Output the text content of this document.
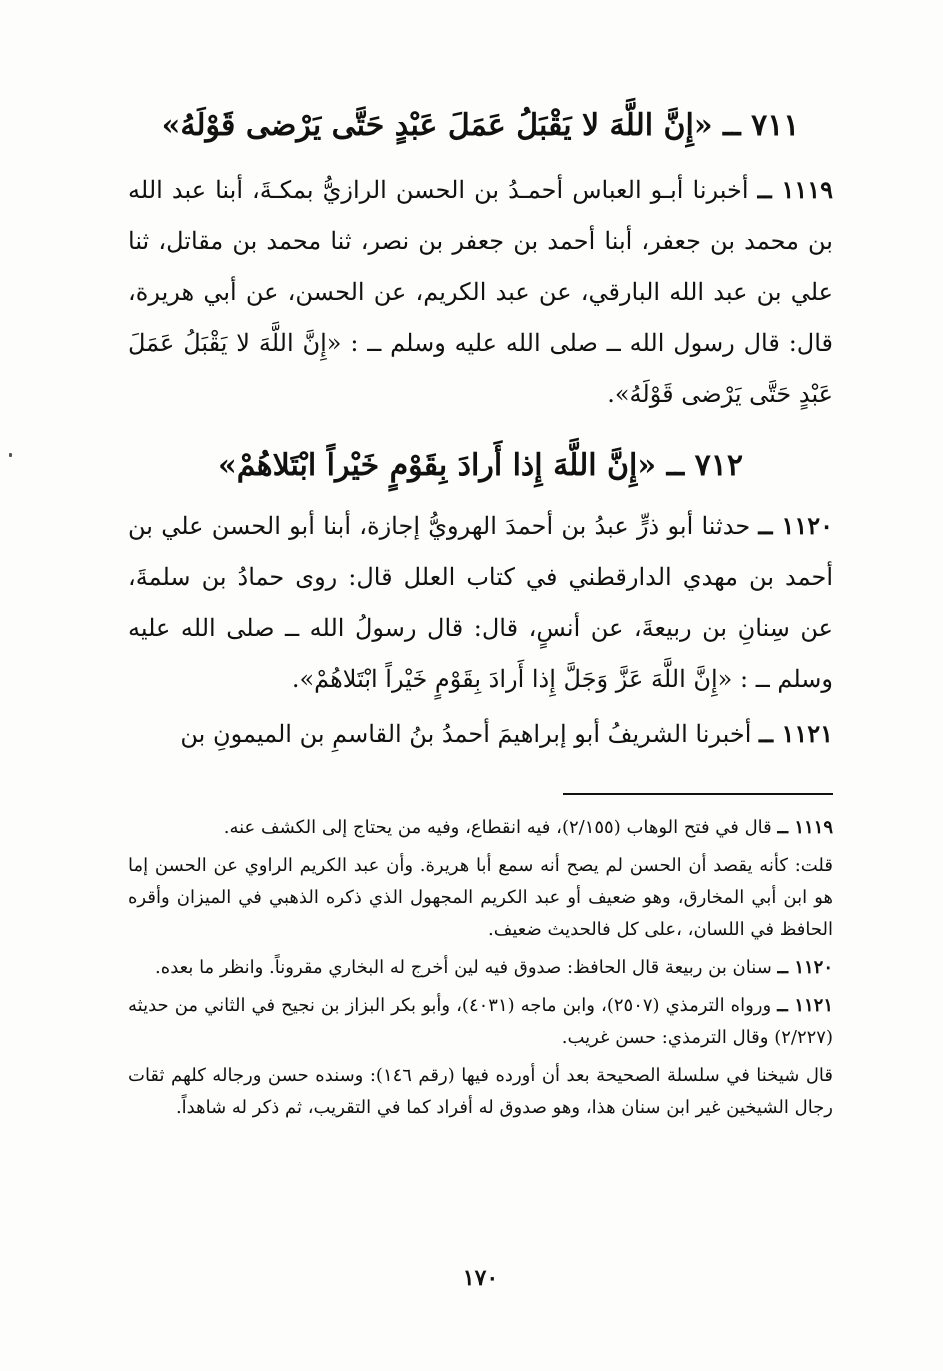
٧١١ ــ «إِنَّ اللَّهَ لا يَقْبَلُ عَمَلَ عَبْدٍ حَتَّى يَرْضى قَوْلَهُ»
١١١٩ ــ أخبرنا أبـو العباس أحمـدُ بن الحسن الرازيُّ بمكـةَ، أبنا عبد الله بن محمد بن جعفر، أبنا أحمد بن جعفر بن نصر، ثنا محمد بن مقاتل، ثنا علي بن عبد الله البارقي، عن عبد الكريم، عن الحسن، عن أبي هريرة، قال: قال رسول الله ــ صلى الله عليه وسلم ــ : «إِنَّ اللَّهَ لا يَقْبَلُ عَمَلَ عَبْدٍ حَتَّى يَرْضى قَوْلَهُ».
٧١٢ ــ «إِنَّ اللَّهَ إِذا أَرادَ بِقَوْمٍ خَيْراً ابْتَلاهُمْ»
١١٢٠ ــ حدثنا أبو ذرٍّ عبدُ بن أحمدَ الهرويُّ إجازة، أبنا أبو الحسن علي بن أحمد بن مهدي الدارقطني في كتاب العلل قال: روى حمادُ بن سلمةَ، عن سِنانِ بن ربيعةَ، عن أنسٍ، قال: قال رسولُ الله ــ صلى الله عليه وسلم ــ : «إِنَّ اللَّهَ عَزَّ وَجَلَّ إِذا أَرادَ بِقَوْمٍ خَيْراً ابْتَلاهُمْ».
١١٢١ ــ أخبرنا الشريفُ أبو إبراهيمَ أحمدُ بنُ القاسمِ بن الميمونِ بن

١١١٩ ــ قال في فتح الوهاب (٢/١٥٥)، فيه انقطاع، وفيه من يحتاج إلى الكشف عنه.

قلت: كأنه يقصد أن الحسن لم يصح أنه سمع أبا هريرة. وأن عبد الكريم الراوي عن الحسن إما هو ابن أبي المخارق، وهو ضعيف أو عبد الكريم المجهول الذي ذكره الذهبي في الميزان وأقره الحافظ في اللسان، ،على كل فالحديث ضعيف.

١١٢٠ ــ سنان بن ربيعة قال الحافظ: صدوق فيه لين أخرج له البخاري مقروناً. وانظر ما بعده.

١١٢١ ــ ورواه الترمذي (٢٥٠٧)، وابن ماجه (٤٠٣١)، وأبو بكر البزاز بن نجيح في الثاني من حديثه (٢/٢٢٧) وقال الترمذي: حسن غريب.

قال شيخنا في سلسلة الصحيحة بعد أن أورده فيها (رقم ١٤٦): وسنده حسن ورجاله كلهم ثقات رجال الشيخين غير ابن سنان هذا، وهو صدوق له أفراد كما في التقريب، ثم ذكر له شاهداً.

١٧٠
